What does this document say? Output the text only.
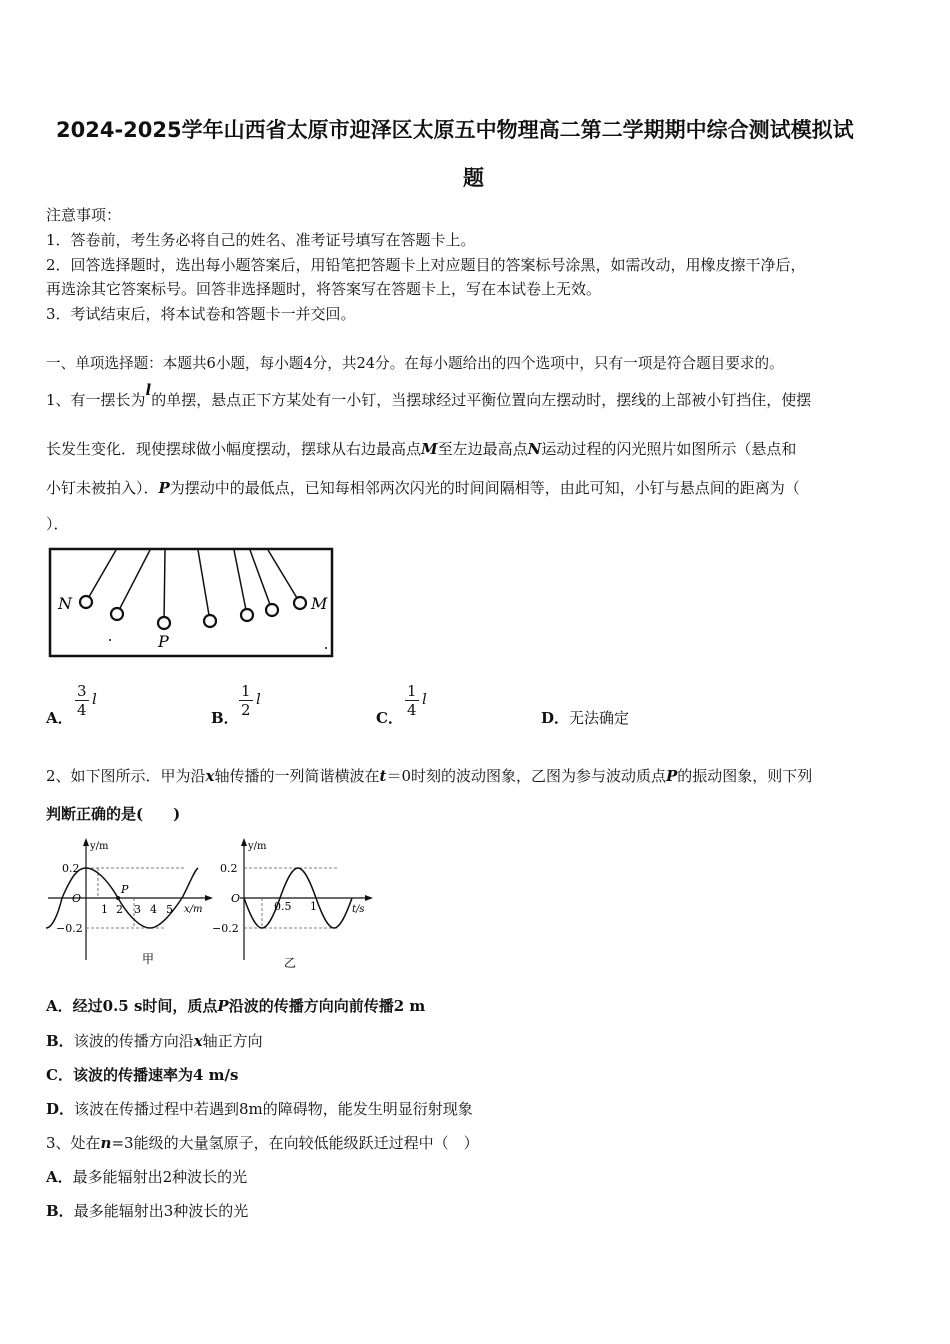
2024-2025学年山西省太原市迎泽区太原五中物理高二第二学期期中综合测试模拟试
题
注意事项：
1．答卷前，考生务必将自己的姓名、准考证号填写在答题卡上。
2．回答选择题时，选出每小题答案后，用铅笔把答题卡上对应题目的答案标号涂黑，如需改动，用橡皮擦干净后，
再选涂其它答案标号。回答非选择题时，将答案写在答题卡上，写在本试卷上无效。
3．考试结束后，将本试卷和答题卡一并交回。
一、单项选择题：本题共6小题，每小题4分，共24分。在每小题给出的四个选项中，只有一项是符合题目要求的。
1、有一摆长为l的单摆，悬点正下方某处有一小钉，当摆球经过平衡位置向左摆动时，摆线的上部被小钉挡住，使摆
长发生变化．现使摆球做小幅度摆动，摆球从右边最高点M至左边最高点N运动过程的闪光照片如图所示（悬点和
小钉未被拍入）．P为摆动中的最低点，已知每相邻两次闪光的时间间隔相等，由此可知，小钉与悬点间的距离为（
）．
N	M
P
A． $\frac{3}{4}$ l
B． $\frac{1}{2}$ l
C． $\frac{1}{4}$ l
D．无法确定
2、如下图所示．甲为沿x轴传播的一列简谐横波在t＝0时刻的波动图象，乙图为参与波动质点P的振动图象，则下列
判断正确的是(　　)
y/m
x/m
O
0.2
−0.2
1 2 3 4 5
P
甲
y/m
t/s
O
0.2
−0.2
0.5 1
乙
A．经过0.5 s时间，质点P沿波的传播方向向前传播2 m
B．该波的传播方向沿x轴正方向
C．该波的传播速率为4 m/s
D．该波在传播过程中若遇到8m的障碍物，能发生明显衍射现象
3、处在n=3能级的大量氢原子，在向较低能级跃迁过程中（　）
A．最多能辐射出2种波长的光
B．最多能辐射出3种波长的光
